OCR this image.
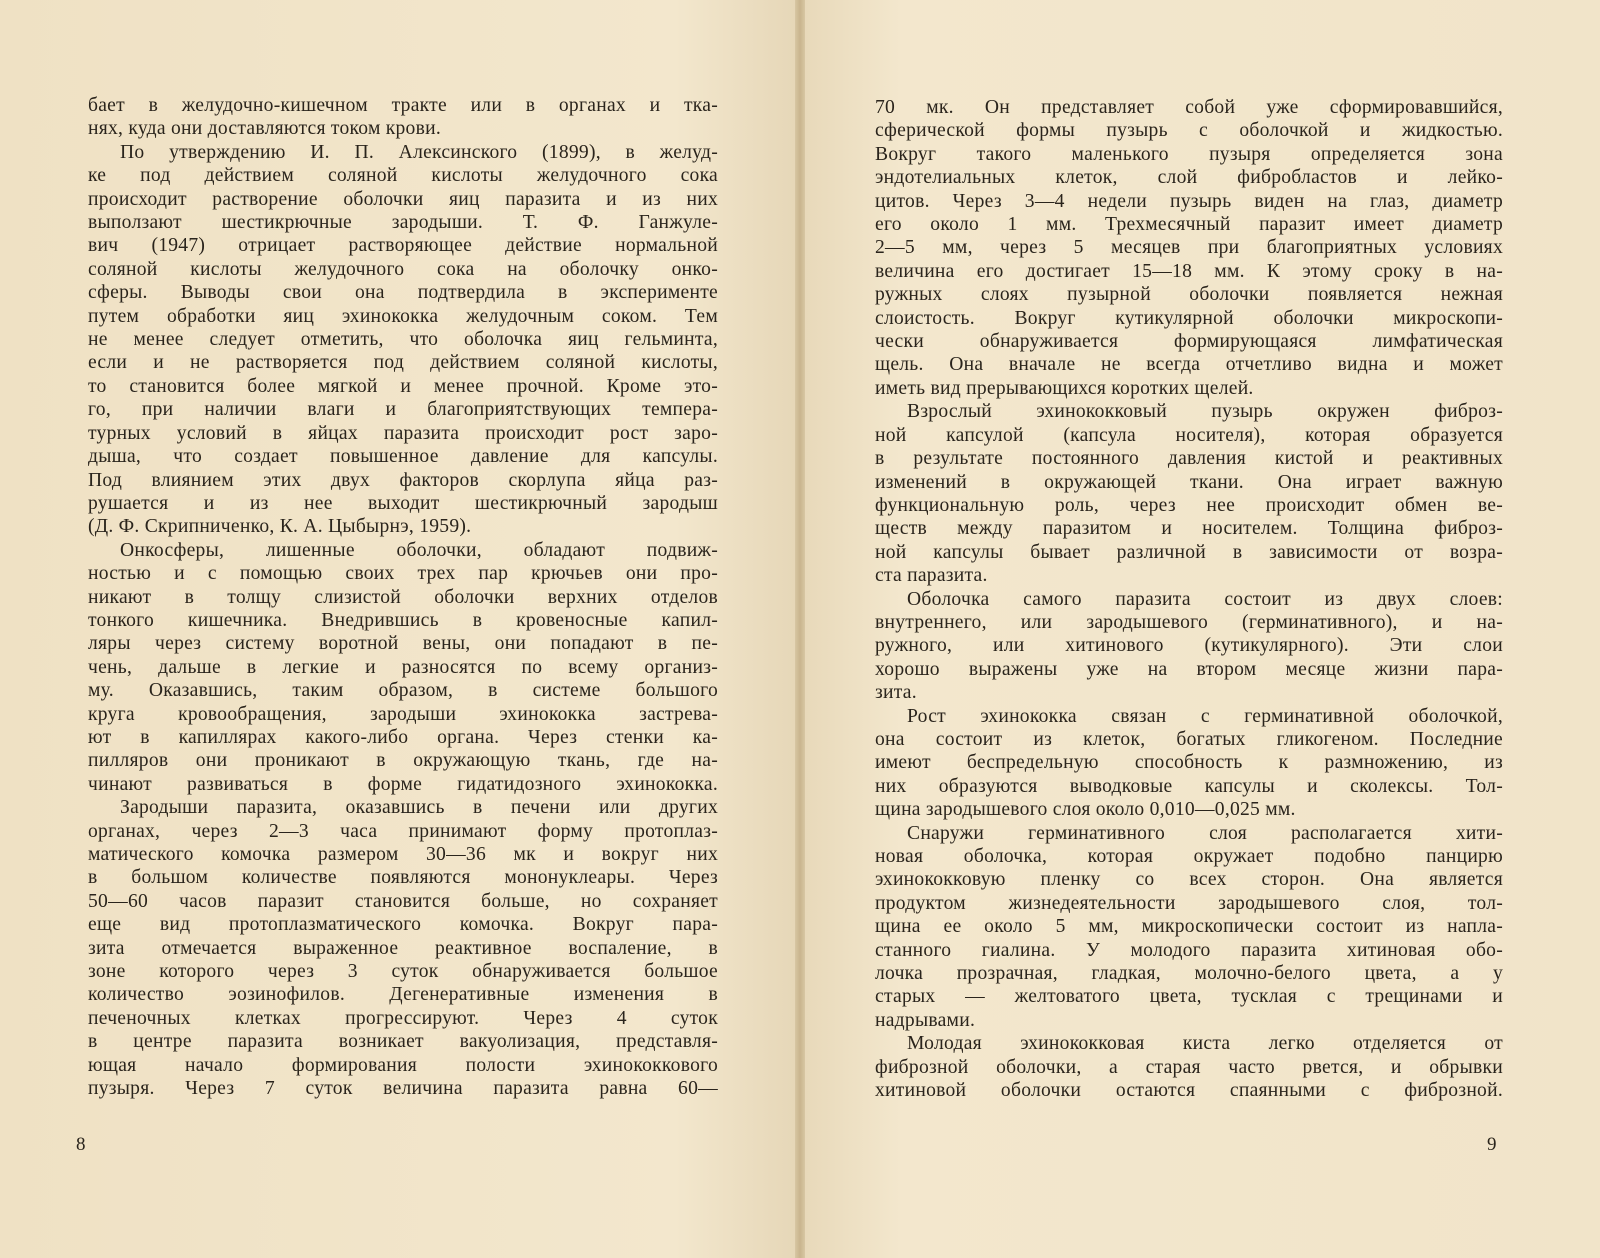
бает в желудочно-кишечном тракте или в органах и тка-
нях, куда они доставляются током крови.
По утверждению И. П. Алексинского (1899), в желуд-
ке под действием соляной кислоты желудочного сока
происходит растворение оболочки яиц паразита и из них
выползают шестикрючные зародыши. Т. Ф. Ганжуле-
вич (1947) отрицает растворяющее действие нормальной
соляной кислоты желудочного сока на оболочку онко-
сферы. Выводы свои она подтвердила в эксперименте
путем обработки яиц эхинококка желудочным соком. Тем
не менее следует отметить, что оболочка яиц гельминта,
если и не растворяется под действием соляной кислоты,
то становится более мягкой и менее прочной. Кроме это-
го, при наличии влаги и благоприятствующих темпера-
турных условий в яйцах паразита происходит рост заро-
дыша, что создает повышенное давление для капсулы.
Под влиянием этих двух факторов скорлупа яйца раз-
рушается и из нее выходит шестикрючный зародыш
(Д. Ф. Скрипниченко, К. А. Цыбырнэ, 1959).
Онкосферы, лишенные оболочки, обладают подвиж-
ностью и с помощью своих трех пар крючьев они про-
никают в толщу слизистой оболочки верхних отделов
тонкого кишечника. Внедрившись в кровеносные капил-
ляры через систему воротной вены, они попадают в пе-
чень, дальше в легкие и разносятся по всему организ-
му. Оказавшись, таким образом, в системе большого
круга кровообращения, зародыши эхинококка застрева-
ют в капиллярах какого-либо органа. Через стенки ка-
пилляров они проникают в окружающую ткань, где на-
чинают развиваться в форме гидатидозного эхинококка.
Зародыши паразита, оказавшись в печени или других
органах, через 2—3 часа принимают форму протоплаз-
матического комочка размером 30—36 мк и вокруг них
в большом количестве появляются мононуклеары. Через
50—60 часов паразит становится больше, но сохраняет
еще вид протоплазматического комочка. Вокруг пара-
зита отмечается выраженное реактивное воспаление, в
зоне которого через 3 суток обнаруживается большое
количество эозинофилов. Дегенеративные изменения в
печеночных клетках прогрессируют. Через 4 суток
в центре паразита возникает вакуолизация, представля-
ющая начало формирования полости эхинококкового
пузыря. Через 7 суток величина паразита равна 60—
8
70 мк. Он представляет собой уже сформировавшийся,
сферической формы пузырь с оболочкой и жидкостью.
Вокруг такого маленького пузыря определяется зона
эндотелиальных клеток, слой фибробластов и лейко-
цитов. Через 3—4 недели пузырь виден на глаз, диаметр
его около 1 мм. Трехмесячный паразит имеет диаметр
2—5 мм, через 5 месяцев при благоприятных условиях
величина его достигает 15—18 мм. К этому сроку в на-
ружных слоях пузырной оболочки появляется нежная
слоистость. Вокруг кутикулярной оболочки микроскопи-
чески обнаруживается формирующаяся лимфатическая
щель. Она вначале не всегда отчетливо видна и может
иметь вид прерывающихся коротких щелей.
Взрослый эхинококковый пузырь окружен фиброз-
ной капсулой (капсула носителя), которая образуется
в результате постоянного давления кистой и реактивных
изменений в окружающей ткани. Она играет важную
функциональную роль, через нее происходит обмен ве-
ществ между паразитом и носителем. Толщина фиброз-
ной капсулы бывает различной в зависимости от возра-
ста паразита.
Оболочка самого паразита состоит из двух слоев:
внутреннего, или зародышевого (герминативного), и на-
ружного, или хитинового (кутикулярного). Эти слои
хорошо выражены уже на втором месяце жизни пара-
зита.
Рост эхинококка связан с герминативной оболочкой,
она состоит из клеток, богатых гликогеном. Последние
имеют беспредельную способность к размножению, из
них образуются выводковые капсулы и сколексы. Тол-
щина зародышевого слоя около 0,010—0,025 мм.
Снаружи герминативного слоя располагается хити-
новая оболочка, которая окружает подобно панцирю
эхинококковую пленку со всех сторон. Она является
продуктом жизнедеятельности зародышевого слоя, тол-
щина ее около 5 мм, микроскопически состоит из напла-
станного гиалина. У молодого паразита хитиновая обо-
лочка прозрачная, гладкая, молочно-белого цвета, а у
старых — желтоватого цвета, тусклая с трещинами и
надрывами.
Молодая эхинококковая киста легко отделяется от
фиброзной оболочки, а старая часто рвется, и обрывки
хитиновой оболочки остаются спаянными с фиброзной.
9
